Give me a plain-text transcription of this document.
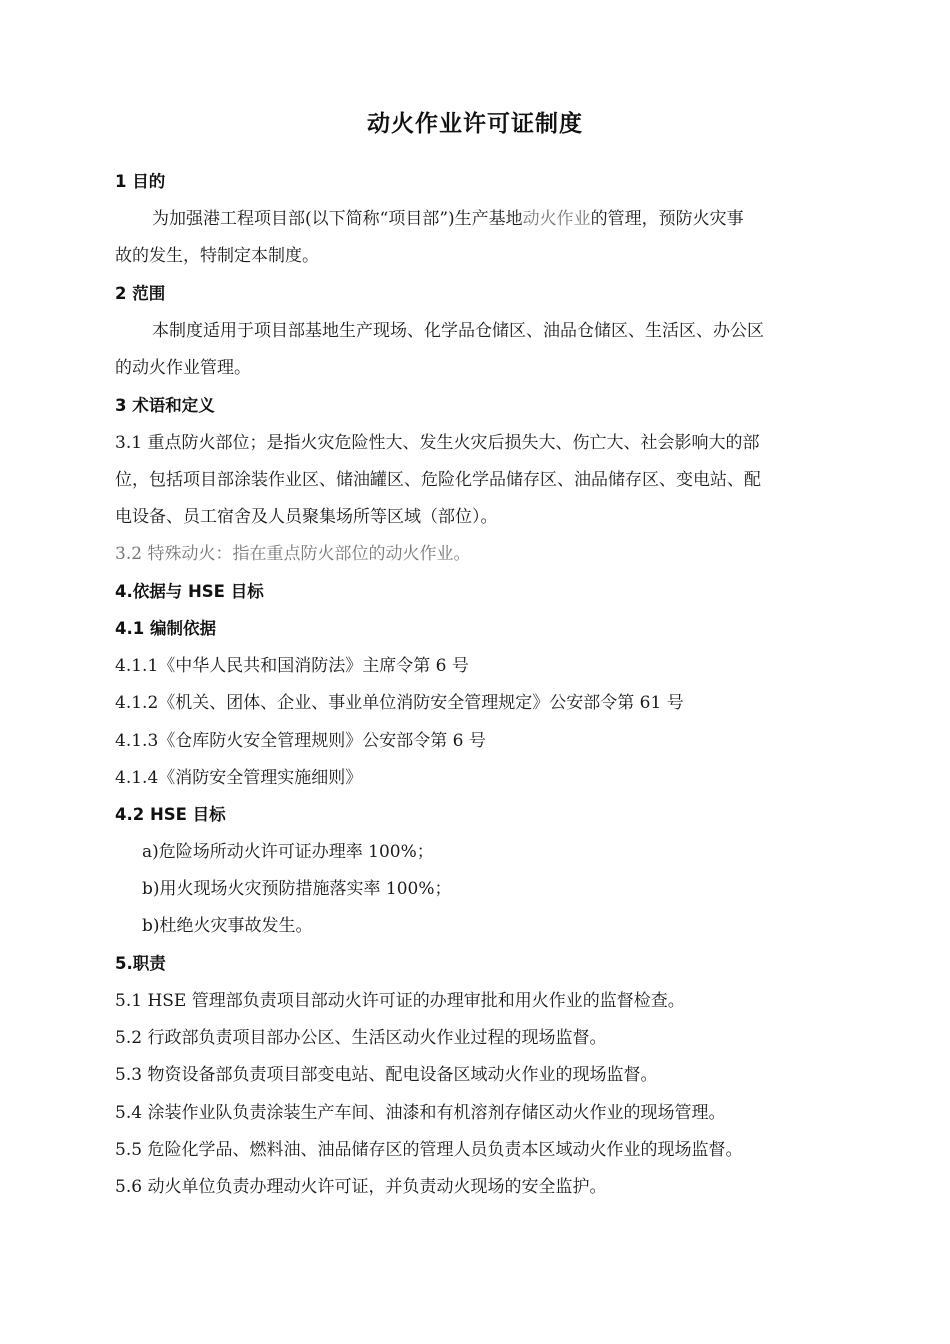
动火作业许可证制度
1 目的
为加强港工程项目部(以下简称“项目部”)生产基地动火作业的管理，预防火灾事
故的发生，特制定本制度。
2 范围
本制度适用于项目部基地生产现场、化学品仓储区、油品仓储区、生活区、办公区
的动火作业管理。
3 术语和定义
3.1 重点防火部位；是指火灾危险性大、发生火灾后损失大、伤亡大、社会影响大的部
位，包括项目部涂装作业区、储油罐区、危险化学品储存区、油品储存区、变电站、配
电设备、员工宿舍及人员聚集场所等区域（部位）。
3.2 特殊动火：指在重点防火部位的动火作业。
4.依据与 HSE 目标
4.1 编制依据
4.1.1《中华人民共和国消防法》主席令第 6 号
4.1.2《机关、团体、企业、事业单位消防安全管理规定》公安部令第 61 号
4.1.3《仓库防火安全管理规则》公安部令第 6 号
4.1.4《消防安全管理实施细则》
4.2 HSE 目标
a)危险场所动火许可证办理率 100%；
b)用火现场火灾预防措施落实率 100%；
b)杜绝火灾事故发生。
5.职责
5.1 HSE 管理部负责项目部动火许可证的办理审批和用火作业的监督检查。
5.2 行政部负责项目部办公区、生活区动火作业过程的现场监督。
5.3 物资设备部负责项目部变电站、配电设备区域动火作业的现场监督。
5.4 涂装作业队负责涂装生产车间、油漆和有机溶剂存储区动火作业的现场管理。
5.5 危险化学品、燃料油、油品储存区的管理人员负责本区域动火作业的现场监督。
5.6 动火单位负责办理动火许可证，并负责动火现场的安全监护。
